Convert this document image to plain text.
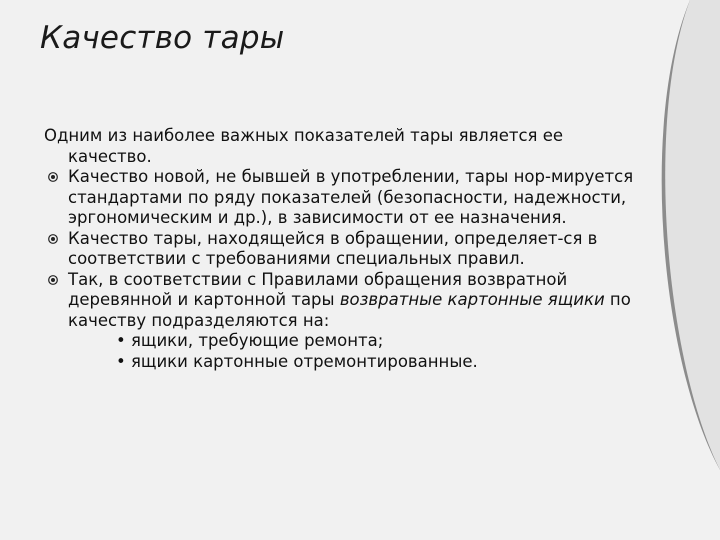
Качество тары

Одним из наиболее важных показателей тары является ее качество.

Качество новой, не бывшей в употреблении, тары нор-мируется стандартами по ряду показателей (безопасности, надежности, эргономическим и др.), в зависимости от ее назначения.

Качество тары, находящейся в обращении, определяет-ся в соответствии с требованиями специальных правил.

Так, в соответствии с Правилами обращения возвратной деревянной и картонной тары возвратные картонные ящики по качеству подразделяются на:

• ящики, требующие ремонта;

• ящики картонные отремонтированные.
